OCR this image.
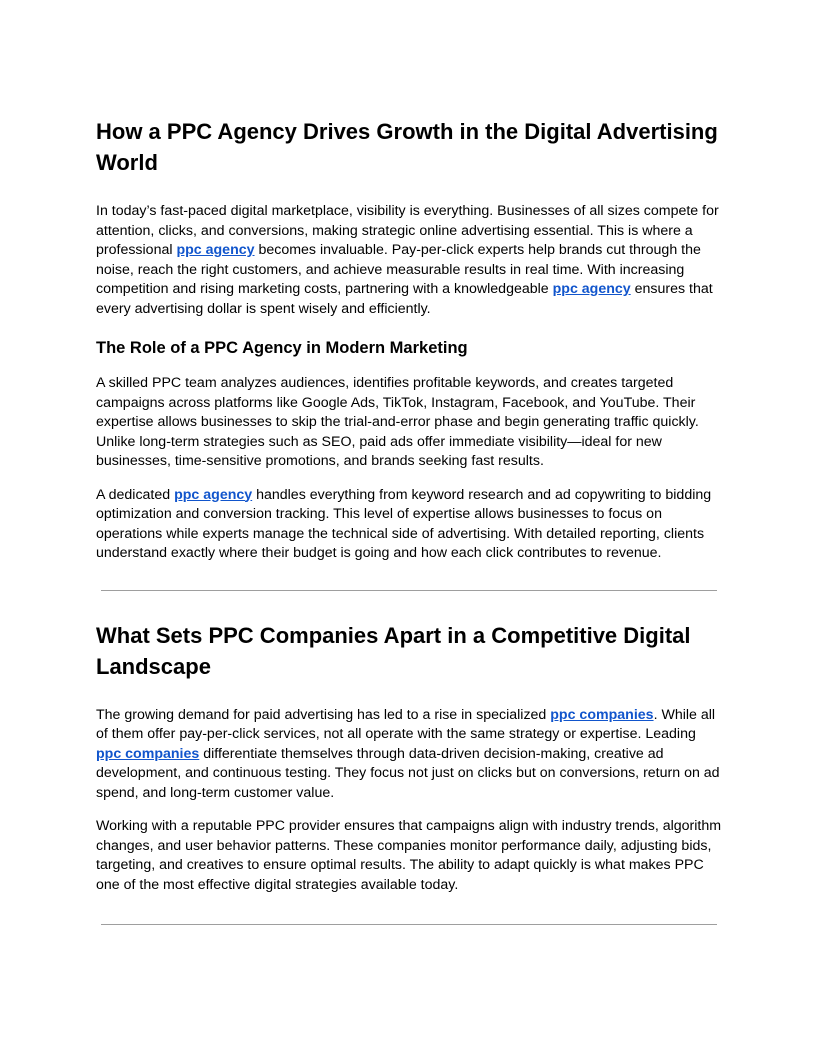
How a PPC Agency Drives Growth in the Digital Advertising World

In today’s fast-paced digital marketplace, visibility is everything. Businesses of all sizes compete for attention, clicks, and conversions, making strategic online advertising essential. This is where a professional ppc agency becomes invaluable. Pay-per-click experts help brands cut through the noise, reach the right customers, and achieve measurable results in real time. With increasing competition and rising marketing costs, partnering with a knowledgeable ppc agency ensures that every advertising dollar is spent wisely and efficiently.

The Role of a PPC Agency in Modern Marketing

A skilled PPC team analyzes audiences, identifies profitable keywords, and creates targeted campaigns across platforms like Google Ads, TikTok, Instagram, Facebook, and YouTube. Their expertise allows businesses to skip the trial-and-error phase and begin generating traffic quickly. Unlike long-term strategies such as SEO, paid ads offer immediate visibility—ideal for new businesses, time-sensitive promotions, and brands seeking fast results.

A dedicated ppc agency handles everything from keyword research and ad copywriting to bidding optimization and conversion tracking. This level of expertise allows businesses to focus on operations while experts manage the technical side of advertising. With detailed reporting, clients understand exactly where their budget is going and how each click contributes to revenue.

What Sets PPC Companies Apart in a Competitive Digital Landscape

The growing demand for paid advertising has led to a rise in specialized ppc companies. While all of them offer pay-per-click services, not all operate with the same strategy or expertise. Leading ppc companies differentiate themselves through data-driven decision-making, creative ad development, and continuous testing. They focus not just on clicks but on conversions, return on ad spend, and long-term customer value.

Working with a reputable PPC provider ensures that campaigns align with industry trends, algorithm changes, and user behavior patterns. These companies monitor performance daily, adjusting bids, targeting, and creatives to ensure optimal results. The ability to adapt quickly is what makes PPC one of the most effective digital strategies available today.
